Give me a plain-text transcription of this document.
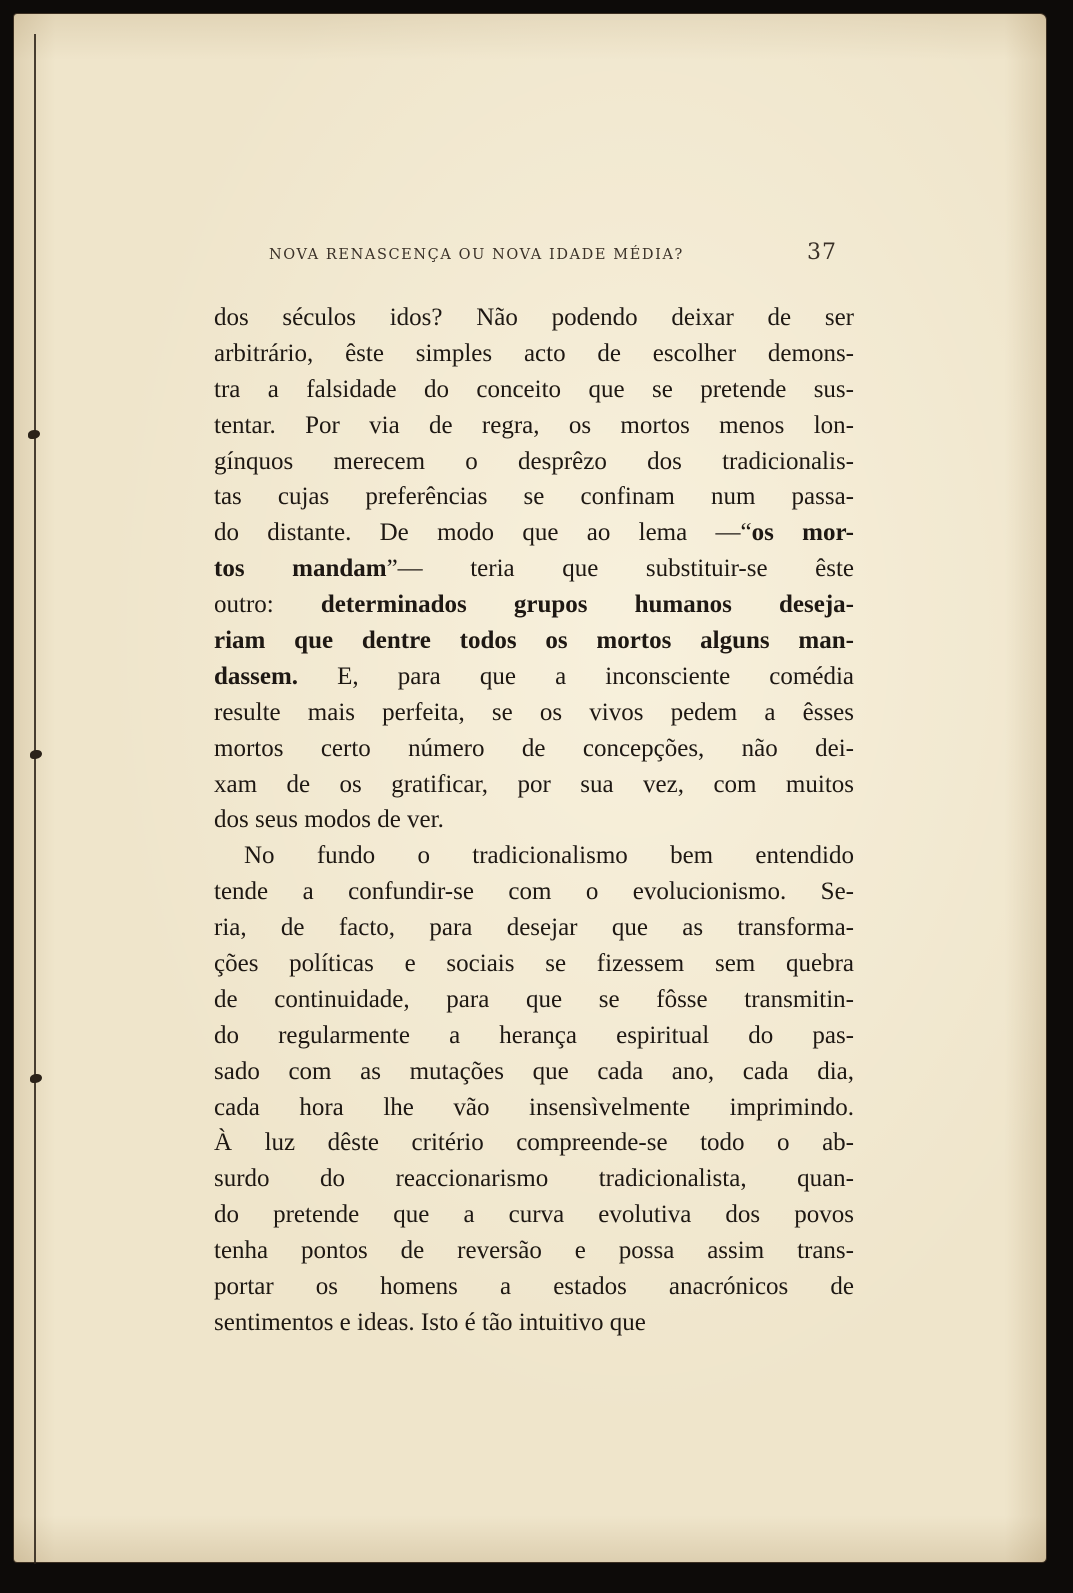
NOVA RENASCENÇA OU NOVA IDADE MÉDIA?	37
dos séculos idos? Não podendo deixar de ser
arbitrário, êste simples acto de escolher demons-
tra a falsidade do conceito que se pretende sus-
tentar. Por via de regra, os mortos menos lon-
gínquos merecem o desprêzo dos tradicionalis-
tas cujas preferências se confinam num passa-
do distante. De modo que ao lema —“os mor-
tos mandam”— teria que substituir-se êste
outro: determinados grupos humanos deseja-
riam que dentre todos os mortos alguns man-
dassem. E, para que a inconsciente comédia
resulte mais perfeita, se os vivos pedem a êsses
mortos certo número de concepções, não dei-
xam de os gratificar, por sua vez, com muitos
dos seus modos de ver.
No fundo o tradicionalismo bem entendido
tende a confundir-se com o evolucionismo. Se-
ria, de facto, para desejar que as transforma-
ções políticas e sociais se fizessem sem quebra
de continuidade, para que se fôsse transmitin-
do regularmente a herança espiritual do pas-
sado com as mutações que cada ano, cada dia,
cada hora lhe vão insensìvelmente imprimindo.
À luz dêste critério compreende-se todo o ab-
surdo do reaccionarismo tradicionalista, quan-
do pretende que a curva evolutiva dos povos
tenha pontos de reversão e possa assim trans-
portar os homens a estados anacrónicos de
sentimentos e ideas. Isto é tão intuitivo que
